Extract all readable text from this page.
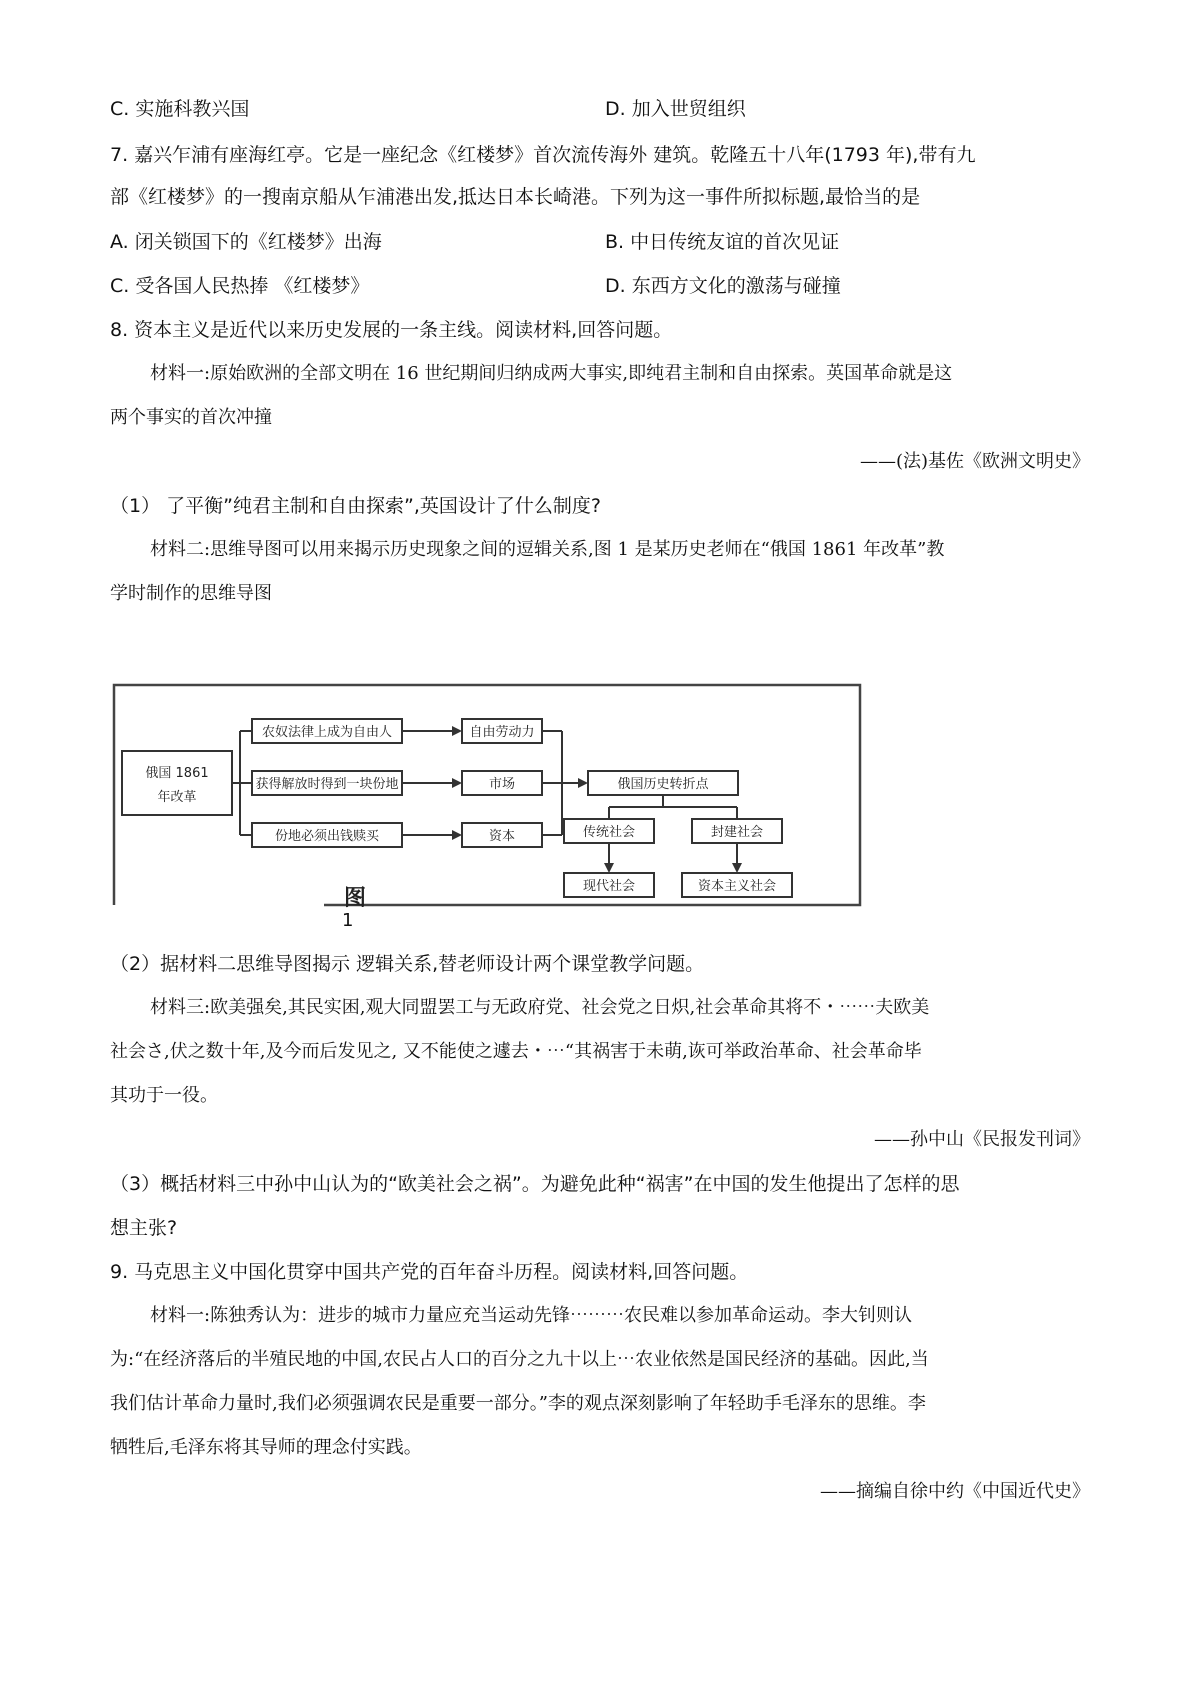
C. 实施科教兴国	D. 加入世贸组织
7. 嘉兴乍浦有座海红亭。它是一座纪念《红楼梦》首次流传海外 建筑。乾隆五十八年(1793 年),带有九
部《红楼梦》的一搜南京船从乍浦港出发,抵达日本长崎港。下列为这一事件所拟标题,最恰当的是
A. 闭关锁国下的《红楼梦》出海	B. 中日传统友谊的首次见证
C. 受各国人民热捧 《红楼梦》	D. 东西方文化的激荡与碰撞
8. 资本主义是近代以来历史发展的一条主线。阅读材料,回答问题。
材料一:原始欧洲的全部文明在 16 世纪期间归纳成两大事实,即纯君主制和自由探索。英国革命就是这
两个事实的首次冲撞
——(法)基佐《欧洲文明史》
（1） 了平衡”纯君主制和自由探索”,英国设计了什么制度?
材料二:思维导图可以用来揭示历史现象之间的逗辑关系,图 1 是某历史老师在“俄国 1861 年改革”教
学时制作的思维导图
俄国 1861
年改革
农奴法律上成为自由人
获得解放时得到一块份地
份地必须出钱赎买
自由劳动力
市场
资本
俄国历史转折点
传统社会	封建社会
现代社会	资本主义社会
图
1
（2）据材料二思维导图揭示 逻辑关系,替老师设计两个课堂教学问题。
材料三:欧美强矣,其民实困,观大同盟罢工与无政府党、社会党之日炽,社会革命其将不・⋯⋯夫欧美
社会さ,伏之数十年,及今而后发见之, 又不能使之遽去・⋯“其祸害于未萌,诙可举政治革命、社会革命毕
其功于一役。
——孙中山《民报发刊词》
（3）概括材料三中孙中山认为的“欧美社会之祸”。为避免此种“祸害”在中国的发生他提出了怎样的思
想主张?
9. 马克思主义中国化贯穿中国共产党的百年奋斗历程。阅读材料,回答问题。
材料一:陈独秀认为：进步的城市力量应充当运动先锋⋯⋯⋯农民难以参加革命运动。李大钊则认
为:“在经济落后的半殖民地的中国,农民占人口的百分之九十以上⋯农业依然是国民经济的基础。因此,当
我们估计革命力量时,我们必须强调农民是重要一部分。”李的观点深刻影响了年轻助手毛泽东的思维。李
牺牲后,毛泽东将其导师的理念付实践。
——摘编自徐中约《中国近代史》
